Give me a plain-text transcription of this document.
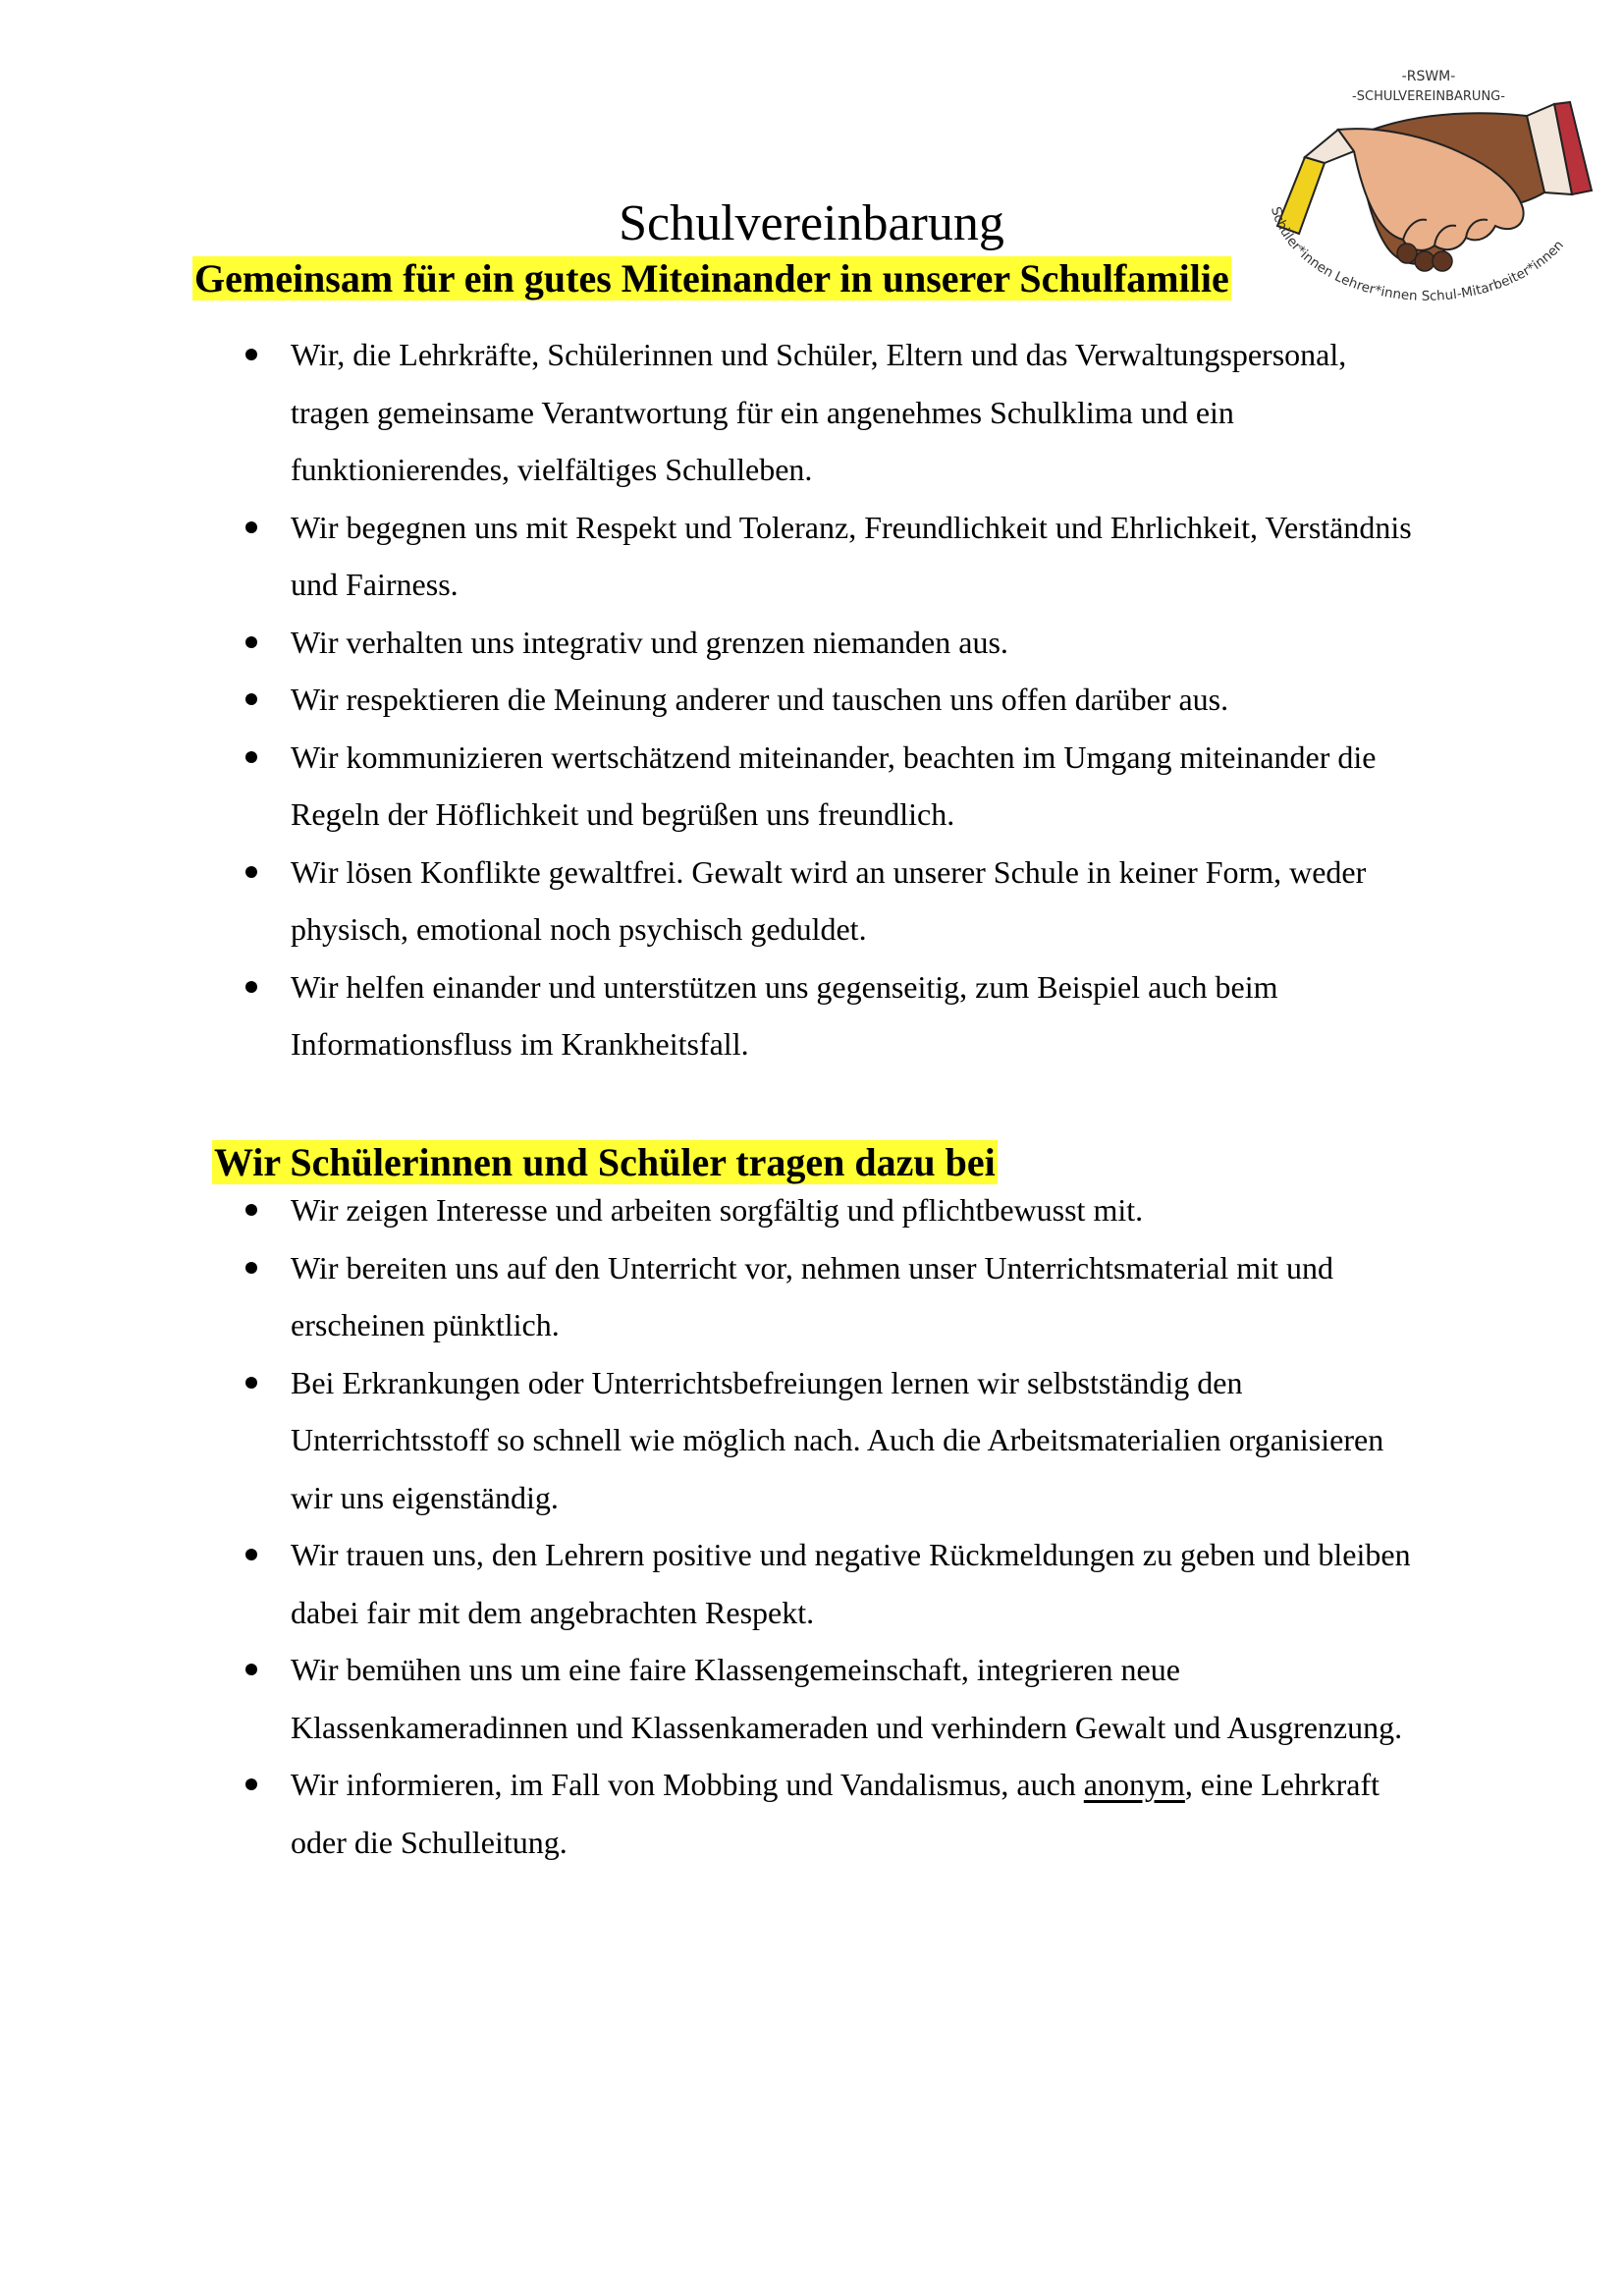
-RSWM-
-SCHULVEREINBARUNG-
Schüler*innen Lehrer*innen Schul-Mitarbeiter*innen
Schulvereinbarung
Gemeinsam für ein gutes Miteinander in unserer Schulfamilie
Wir, die Lehrkräfte, Schülerinnen und Schüler, Eltern und das Verwaltungspersonal, tragen gemeinsame Verantwortung für ein angenehmes Schulklima und ein funktionierendes, vielfältiges Schulleben.
Wir begegnen uns mit Respekt und Toleranz, Freundlichkeit und Ehrlichkeit, Verständnis und Fairness.
Wir verhalten uns integrativ und grenzen niemanden aus.
Wir respektieren die Meinung anderer und tauschen uns offen darüber aus.
Wir kommunizieren wertschätzend miteinander, beachten im Umgang miteinander die Regeln der Höflichkeit und begrüßen uns freundlich.
Wir lösen Konflikte gewaltfrei. Gewalt wird an unserer Schule in keiner Form, weder physisch, emotional noch psychisch geduldet.
Wir helfen einander und unterstützen uns gegenseitig, zum Beispiel auch beim Informationsfluss im Krankheitsfall.
Wir Schülerinnen und Schüler tragen dazu bei
Wir zeigen Interesse und arbeiten sorgfältig und pflichtbewusst mit.
Wir bereiten uns auf den Unterricht vor, nehmen unser Unterrichtsmaterial mit und erscheinen pünktlich.
Bei Erkrankungen oder Unterrichtsbefreiungen lernen wir selbstständig den Unterrichtsstoff so schnell wie möglich nach. Auch die Arbeitsmaterialien organisieren wir uns eigenständig.
Wir trauen uns, den Lehrern positive und negative Rückmeldungen zu geben und bleiben dabei fair mit dem angebrachten Respekt.
Wir bemühen uns um eine faire Klassengemeinschaft, integrieren neue Klassenkameradinnen und Klassenkameraden und verhindern Gewalt und Ausgrenzung.
Wir informieren, im Fall von Mobbing und Vandalismus, auch anonym, eine Lehrkraft oder die Schulleitung.
